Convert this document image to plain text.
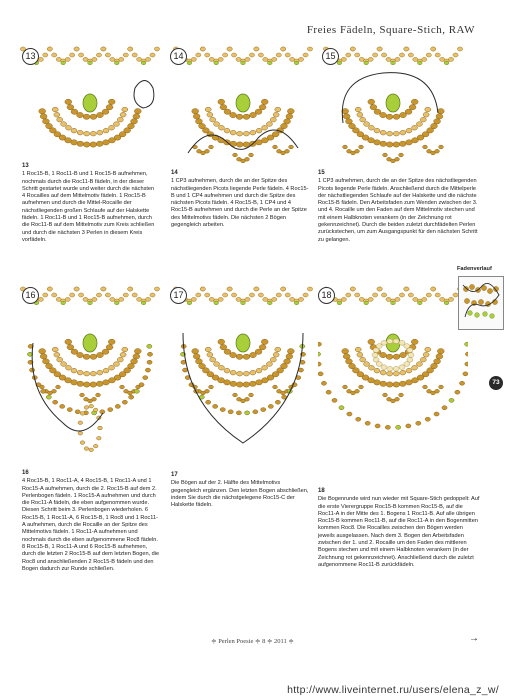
Freies Fädeln, Square-Stich, RAW
13	14	15
16	17	18
13

1 Roc15-B, 1 Roc11-B und 1 Roc15-B aufnehmen, nochmals durch die Roc11-B fädeln, in der dieser Schritt gestartet wurde und weiter durch die nächsten 4 Rocailles auf dem Mittelmotiv fädeln. 1 Roc15-B aufnehmen und durch die Mittel-Rocaille der nächstliegenden großen Schlaufe auf der Halskette fädeln. 1 Roc11-B und 1 Roc15-B aufnehmen, durch die Roc11-B auf dem Mittelmotiv zum Kreis schließen und durch die nächsten 3 Perlen in diesem Kreis vorfädeln.

14

1 CP3 aufnehmen, durch die an der Spitze des nächstliegenden Picots liegende Perle fädeln. 4 Roc15-B und 1 CP4 aufnehmen und durch die Spitze des nächsten Picots fädeln. 4 Roc15-B, 1 CP4 und 4 Roc15-B aufnehmen und durch die Perle an der Spitze des Mittelmotivs fädeln. Die nächsten 2 Bögen gegengleich arbeiten.

15

1 CP3 aufnehmen, durch die an der Spitze des nächstliegenden Picots liegende Perle fädeln. Anschließend durch die Mittelperle der nächstliegenden Schlaufe auf der Halskette und die nächste Roc15-B fädeln. Den Arbeitsfaden zum Wenden zwischen der 3. und 4. Rocaille um den Faden auf dem Mittelmotiv stechen und mit einem Halbknoten verankern (in der Zeichnung rot gekennzeichnet). Durch die beiden zuletzt durchfädelten Perlen zurückstechen, um zum Ausgangspunkt für den nächsten Schritt zu gelangen.

16

4 Roc15-B, 1 Roc11-A, 4 Roc15-B, 1 Roc11-A und 1 Roc15-A aufnehmen, durch die 2. Roc15-B auf dem 2. Perlenbogen fädeln. 1 Roc15-A aufnehmen und durch die Roc11-A fädeln, die eben aufgenommen wurde. Diesen Schritt beim 3. Perlenbogen wiederholen. 6 Roc15-B, 1 Roc11-A, 6 Roc15-B, 1 Roc8 und 1 Roc11-A aufnehmen, durch die Rocaille an der Spitze des Mittelmotivs fädeln. 1 Roc11-A aufnehmen und nochmals durch die eben aufgenommene Roc8 fädeln. 8 Roc15-B, 1 Roc11-A und 6 Roc15-B aufnehmen, durch die letzten 2 Roc15-B auf dem letzten Bogen, die Roc8 und anschließenden 2 Roc15-B fädeln und den Bogen dadurch zur Runde schließen.

17

Die Bögen auf der 2. Hälfte des Mittelmotivs gegengleich ergänzen. Den letzten Bogen abschließen, indem Sie durch die nächstgelegene Roc15-C der Halskette fädeln.

18

Die Bogenrunde wird nun wieder mit Square-Stich gedoppelt: Auf die erste Vierergruppe Roc15-B kommen Roc15-B, auf die Roc11-A in der Mitte des 1. Bogens 1 Roc11-B. Auf alle übrigen Roc15-B kommen Roc11-B, auf die Roc11-A in den Bogenmitten kommen Roc8. Die Rocailles zwischen den Bögen werden jeweils ausgelassen. Nach dem 3. Bogen den Arbeitsfaden zwischen der 1. und 2. Rocaille um den Faden des mittleren Bogens stechen und mit einem Halbknoten verankern (in der Zeichnung rot gekennzeichnet). Anschließend durch die zuletzt aufgenommene Roc11-B zurückfädeln.

Fadenverlauf
73
≑ Perlen Poesie ≑ 8 ≑ 2011 ≑	→
http://www.liveinternet.ru/users/elena_z_w/
